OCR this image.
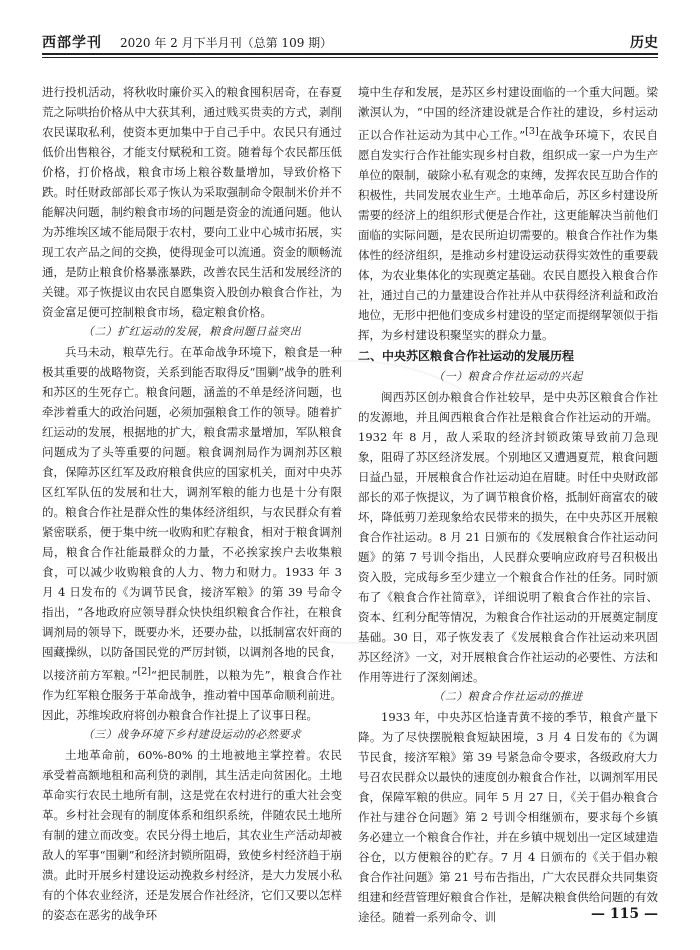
西部学刊 2020 年 2 月下半月刊（总第 109 期）	历史

进行投机活动，将秋收时廉价买入的粮食囤积居奇，在春夏荒之际哄抬价格从中大获其利，通过贱买贵卖的方式，剥削农民谋取私利，使资本更加集中于自己手中。农民只有通过低价出售粮谷，才能支付赋税和工资。随着每个农民都压低价格，打价格战，粮食市场上粮谷数量增加，导致价格下跌。时任财政部部长邓子恢认为采取强制命令限制米价并不能解决问题，制约粮食市场的问题是资金的流通问题。他认为苏维埃区域不能局限于农村，要向工业中心城市拓展，实现工农产品之间的交换，使得现金可以流通。资金的顺畅流通，是防止粮食价格暴涨暴跌，改善农民生活和发展经济的关键。邓子恢提议由农民自愿集资入股创办粮食合作社，为资金富足便可控制粮食市场，稳定粮食价格。

（二）扩红运动的发展，粮食问题日益突出

兵马未动，粮草先行。在革命战争环境下，粮食是一种极其重要的战略物资，关系到能否取得反“围剿”战争的胜利和苏区的生死存亡。粮食问题，涵盖的不单是经济问题，也牵涉着重大的政治问题，必须加强粮食工作的领导。随着扩红运动的发展，根据地的扩大，粮食需求量增加，军队粮食问题成为了头等重要的问题。粮食调剂局作为调剂苏区粮食，保障苏区红军及政府粮食供应的国家机关，面对中央苏区红军队伍的发展和壮大，调剂军粮的能力也是十分有限的。粮食合作社是群众性的集体经济组织，与农民群众有着紧密联系，便于集中统一收购和贮存粮食，相对于粮食调剂局，粮食合作社能最群众的力量，不必挨家挨户去收集粮食，可以减少收购粮食的人力、物力和财力。1933 年 3 月 4 日发布的《为调节民食，接济军粮》的第 39 号命令指出，“各地政府应领导群众快快组织粮食合作社，在粮食调剂局的领导下，既要办米，还要办盐，以抵制富农奸商的囤藏操纵，以防备国民党的严厉封锁，以调剂各地的民食，以接济前方军粮。”[2]“把民制胜，以粮为先”，粮食合作社作为红军粮仓服务于革命战争，推动着中国革命顺利前进。因此，苏维埃政府将创办粮食合作社提上了议事日程。

（三）战争环境下乡村建设运动的必然要求

土地革命前，60%-80% 的土地被地主掌控着。农民承受着高额地租和高利贷的剥削，其生活走向贫困化。土地革命实行农民土地所有制，这是党在农村进行的重大社会变革。乡村社会现有的制度体系和组织系统，伴随农民土地所有制的建立而改变。农民分得土地后，其农业生产活动却被敌人的军事“围剿”和经济封锁所阻碍，致使乡村经济趋于崩溃。此时开展乡村建设运动挽救乡村经济，是大力发展小私有的个体农业经济，还是发展合作社经济，它们又要以怎样的姿态在恶劣的战争环

境中生存和发展，是苏区乡村建设面临的一个重大问题。梁漱溟认为，“中国的经济建设就是合作社的建设，乡村运动正以合作社运动为其中心工作。”[3]在战争环境下，农民自愿自发实行合作社能实现乡村自救，组织成一家一户为生产单位的限制，破除小私有观念的束缚，发挥农民互助合作的积极性，共同发展农业生产。土地革命后，苏区乡村建设所需要的经济上的组织形式便是合作社，这更能解决当前他们面临的实际问题，是农民所迫切需要的。粮食合作社作为集体性的经济组织，是推动乡村建设运动获得实效性的重要载体，为农业集体化的实现奠定基础。农民自愿投入粮食合作社，通过自己的力量建设合作社并从中获得经济利益和政治地位，无形中把他们变成乡村建设的坚定而提纲挈领似于指挥，为乡村建设积聚坚实的群众力量。

二、中央苏区粮食合作社运动的发展历程
（一）粮食合作社运动的兴起

闽西苏区创办粮食合作社较早，是中央苏区粮食合作社的发源地，并且闽西粮食合作社是粮食合作社运动的开端。1932 年 8 月，敌人采取的经济封锁政策导致前刀急现象，阻碍了苏区经济发展。个别地区又遭遇夏荒，粮食问题日益凸显，开展粮食合作社运动迫在眉睫。时任中央财政部部长的邓子恢提议，为了调节粮食价格，抵制奸商富农的破坏，降低剪刀差现象给农民带来的损失，在中央苏区开展粮食合作社运动。8 月 21 日颁布的《发展粮食合作社运动问题》的第 7 号训令指出，人民群众要响应政府号召积极出资入股，完成每乡至少建立一个粮食合作社的任务。同时颁布了《粮食合作社简章》，详细说明了粮食合作社的宗旨、资本、红利分配等情况，为粮食合作社运动的开展奠定制度基础。30 日，邓子恢发表了《发展粮食合作社运动来巩固苏区经济》一文，对开展粮食合作社运动的必要性、方法和作用等进行了深刻阐述。

（二）粮食合作社运动的推进

1933 年，中央苏区恰逢青黄不接的季节，粮食产量下降。为了尽快摆脱粮食短缺困境，3 月 4 日发布的《为调节民食，接济军粮》第 39 号紧急命令要求，各级政府大力号召农民群众以最快的速度创办粮食合作社，以调剂军用民食，保障军粮的供应。同年 5 月 27 日，《关于倡办粮食合作社与建谷仓问题》第 2 号训令相继颁布，要求每个乡镇务必建立一个粮食合作社，并在乡镇中规划出一定区域建造谷仓，以方便粮谷的贮存。7 月 4 日颁布的《关于倡办粮食合作社问题》第 21 号布告指出，广大农民群众共同集资组建和经营管理好粮食合作社，是解决粮食供给问题的有效途径。随着一系列命令、训	— 115 —
